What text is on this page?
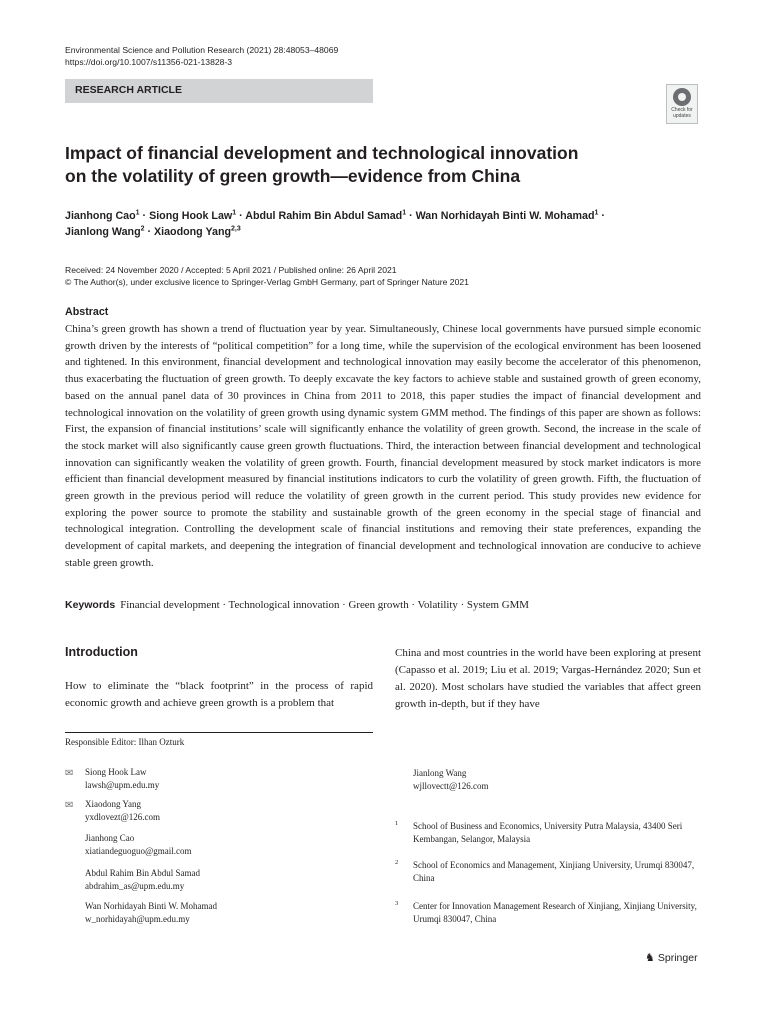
Environmental Science and Pollution Research (2021) 28:48053–48069
https://doi.org/10.1007/s11356-021-13828-3
RESEARCH ARTICLE
Check for
updates
Impact of financial development and technological innovation
on the volatility of green growth—evidence from China
Jianhong Cao$^1$ · Siong Hook Law$^1$ · Abdul Rahim Bin Abdul Samad$^1$ · Wan Norhidayah Binti W. Mohamad$^1$ ·
Jianlong Wang$^2$ · Xiaodong Yang$^{2,3}$
Received: 24 November 2020 / Accepted: 5 April 2021 / Published online: 26 April 2021
© The Author(s), under exclusive licence to Springer-Verlag GmbH Germany, part of Springer Nature 2021
Abstract

China’s green growth has shown a trend of fluctuation year by year. Simultaneously, Chinese local governments have pursued simple economic growth driven by the interests of “political competition” for a long time, while the supervision of the ecological environment has been loosened and tightened. In this environment, financial development and technological innovation may easily become the accelerator of this phenomenon, thus exacerbating the fluctuation of green growth. To deeply excavate the key factors to achieve stable and sustained growth of green economy, based on the annual panel data of 30 provinces in China from 2011 to 2018, this paper studies the impact of financial development and technological innovation on the volatility of green growth using dynamic system GMM method. The findings of this paper are shown as follows: First, the expansion of financial institutions’ scale will significantly enhance the volatility of green growth. Second, the increase in the scale of the stock market will also significantly cause green growth fluctuations. Third, the interaction between financial development and technological innovation can significantly weaken the volatility of green growth. Fourth, financial development measured by stock market indicators is more efficient than financial development measured by financial institutions indicators to curb the volatility of green growth. Fifth, the fluctuation of green growth in the previous period will reduce the volatility of green growth in the current period. This study provides new evidence for exploring the power source to promote the stability and sustainable growth of the green economy in the special stage of financial and technological integration. Controlling the development scale of financial institutions and removing their state preferences, expanding the development of capital markets, and deepening the integration of financial development and technological innovation are conducive to achieve stable green growth.

Keywords Financial development · Technological innovation · Green growth · Volatility · System GMM
Introduction

How to eliminate the “black footprint” in the process of rapid economic growth and achieve green growth is a problem that

China and most countries in the world have been exploring at present (Capasso et al. 2019; Liu et al. 2019; Vargas-Hernández 2020; Sun et al. 2020). Most scholars have studied the variables that affect green growth in-depth, but if they have

Responsible Editor: Ilhan Ozturk
✉ Siong Hook Law
lawsh@upm.edu.my
✉ Xiaodong Yang
yxdlovezt@126.com
Jianhong Cao
xiatiandeguoguo@gmail.com
Abdul Rahim Bin Abdul Samad
abdrahim_as@upm.edu.my
Wan Norhidayah Binti W. Mohamad
w_norhidayah@upm.edu.my
Jianlong Wang
wjllovectt@126.com
1 School of Business and Economics, University Putra Malaysia, 43400 Seri Kembangan, Selangor, Malaysia
2 School of Economics and Management, Xinjiang University, Urumqi 830047, China
3 Center for Innovation Management Research of Xinjiang, Xinjiang University, Urumqi 830047, China
♞ Springer
